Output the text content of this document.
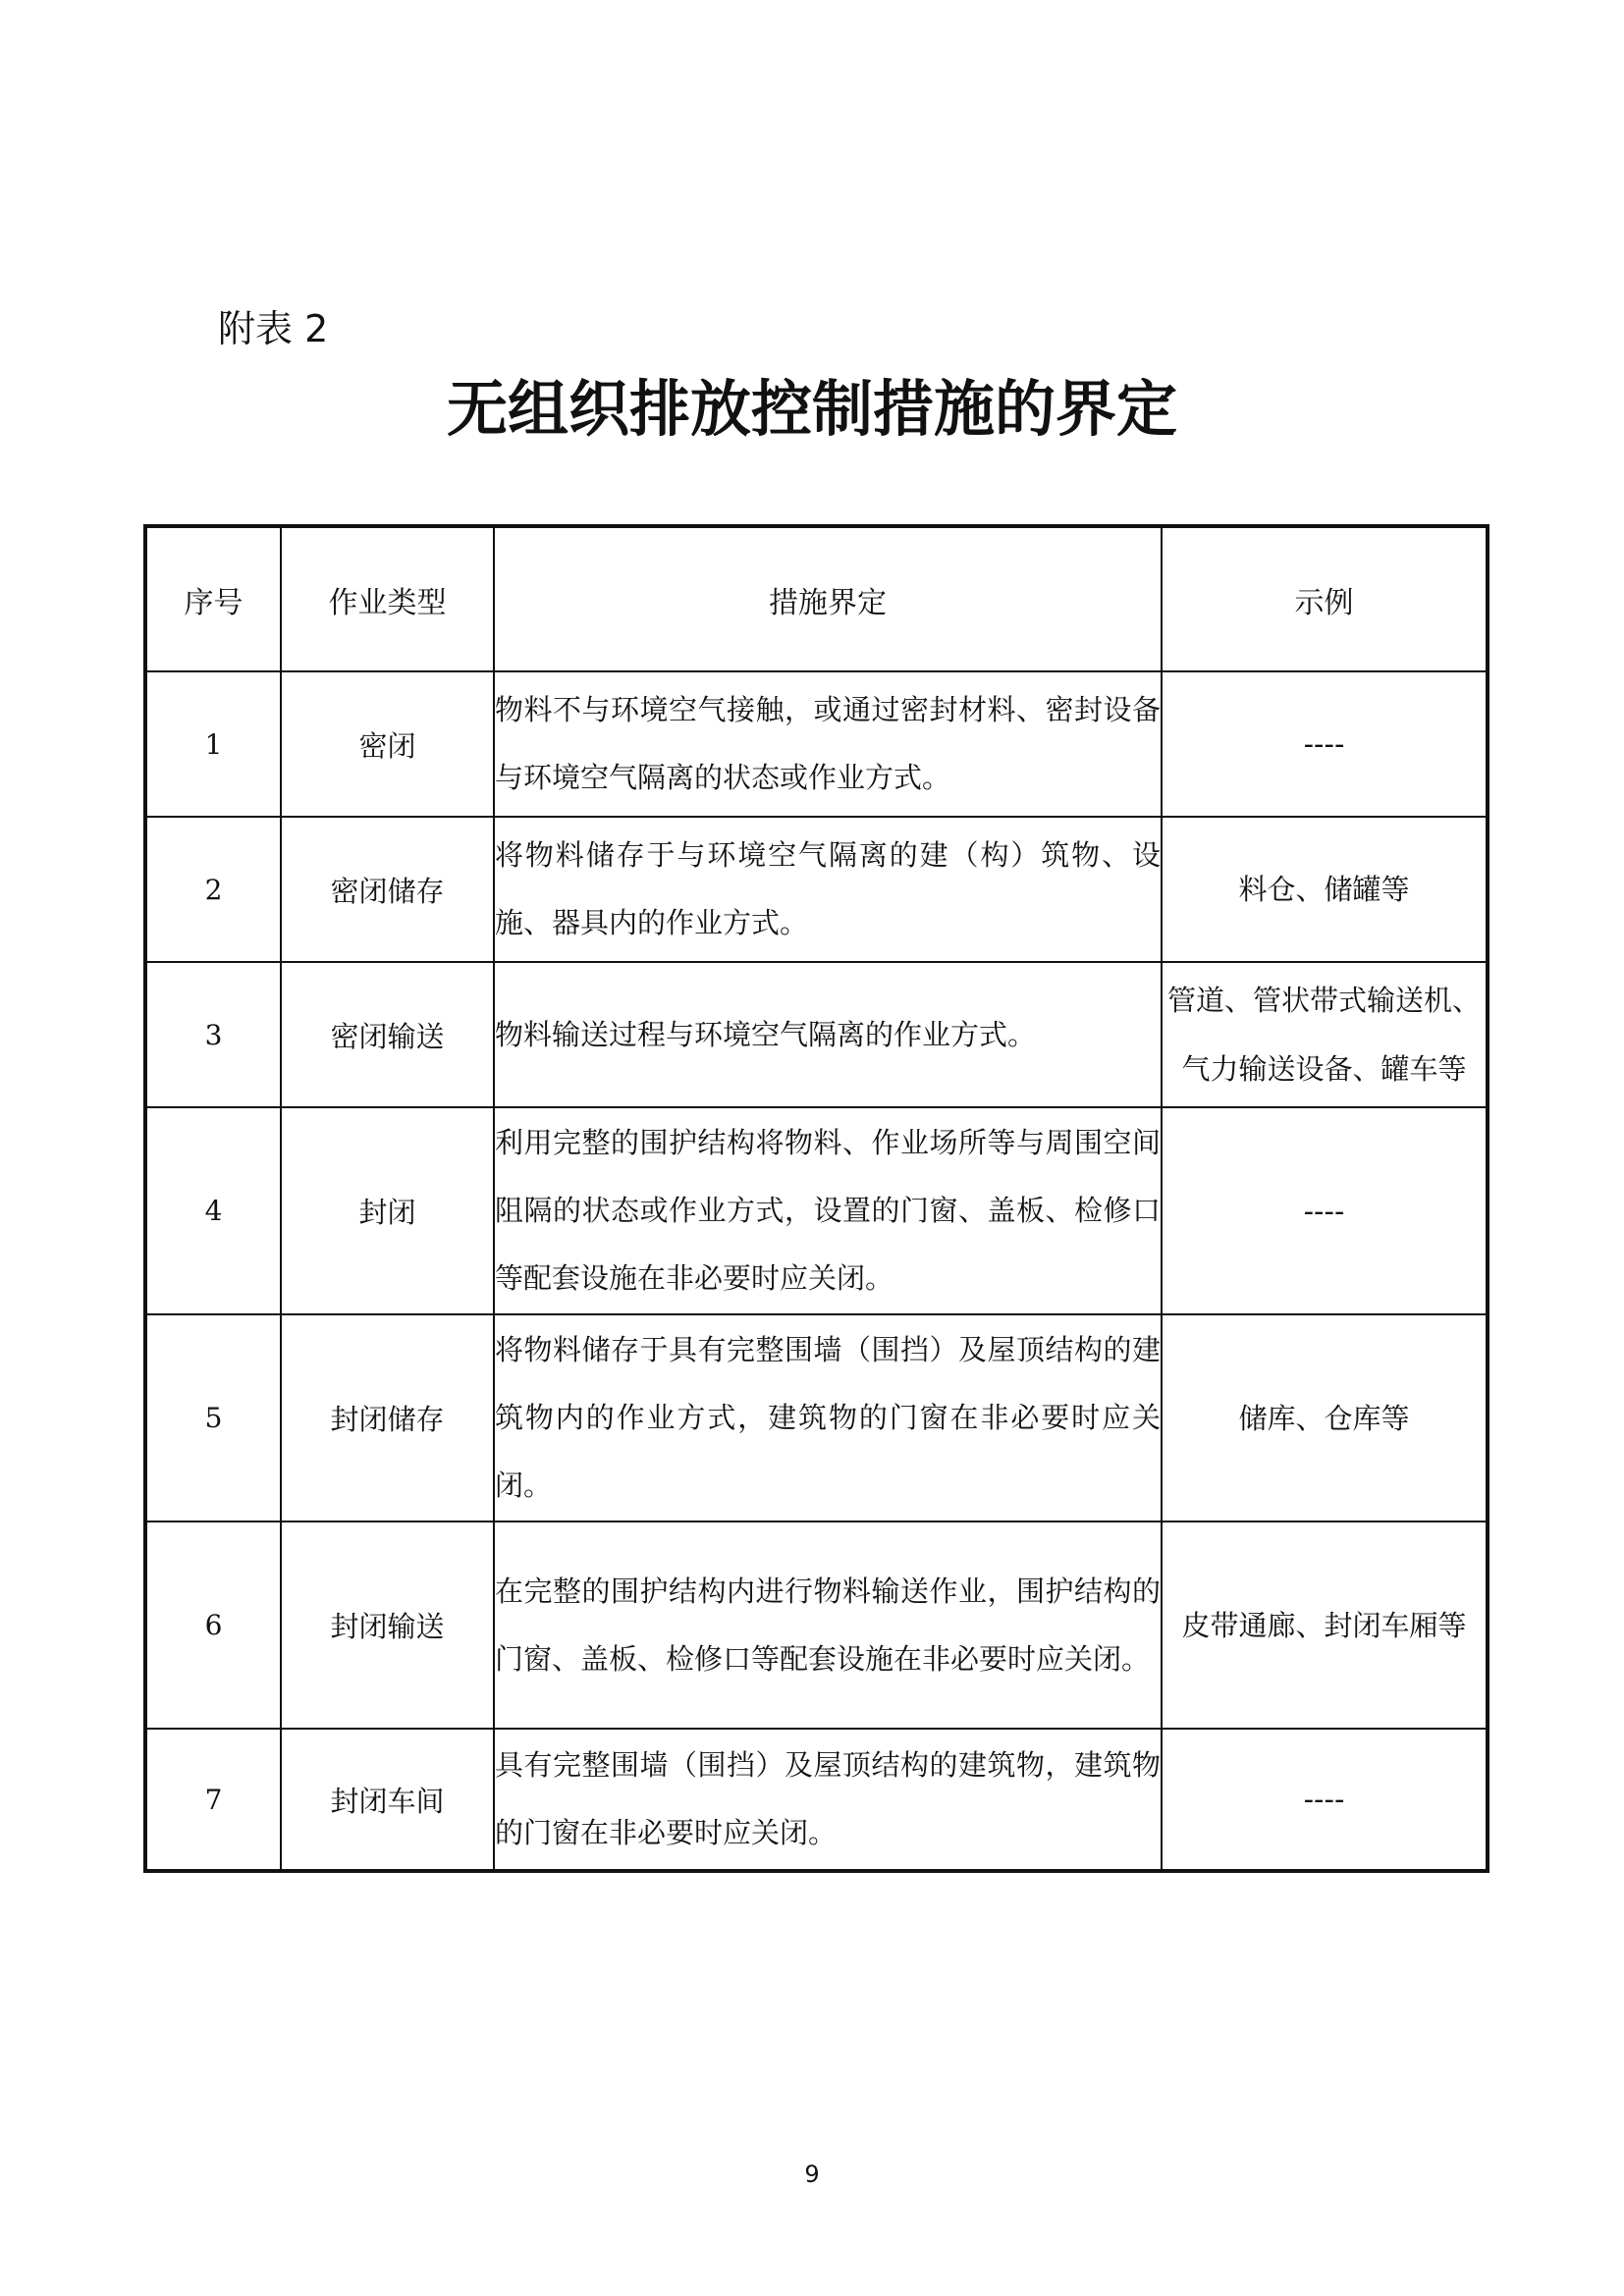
附表 2
无组织排放控制措施的界定
序号	作业类型	措施界定	示例
1	密闭	物料不与环境空气接触，或通过密封材料、密封设备与环境空气隔离的状态或作业方式。	----
2	密闭储存	将物料储存于与环境空气隔离的建（构）筑物、设施、器具内的作业方式。	料仓、储罐等
3	密闭输送	物料输送过程与环境空气隔离的作业方式。	管道、管状带式输送机、气力输送设备、罐车等
4	封闭	利用完整的围护结构将物料、作业场所等与周围空间阻隔的状态或作业方式，设置的门窗、盖板、检修口等配套设施在非必要时应关闭。	----
5	封闭储存	将物料储存于具有完整围墙（围挡）及屋顶结构的建筑物内的作业方式，建筑物的门窗在非必要时应关闭。	储库、仓库等
6	封闭输送	在完整的围护结构内进行物料输送作业，围护结构的门窗、盖板、检修口等配套设施在非必要时应关闭。	皮带通廊、封闭车厢等
7	封闭车间	具有完整围墙（围挡）及屋顶结构的建筑物，建筑物的门窗在非必要时应关闭。	----
9
